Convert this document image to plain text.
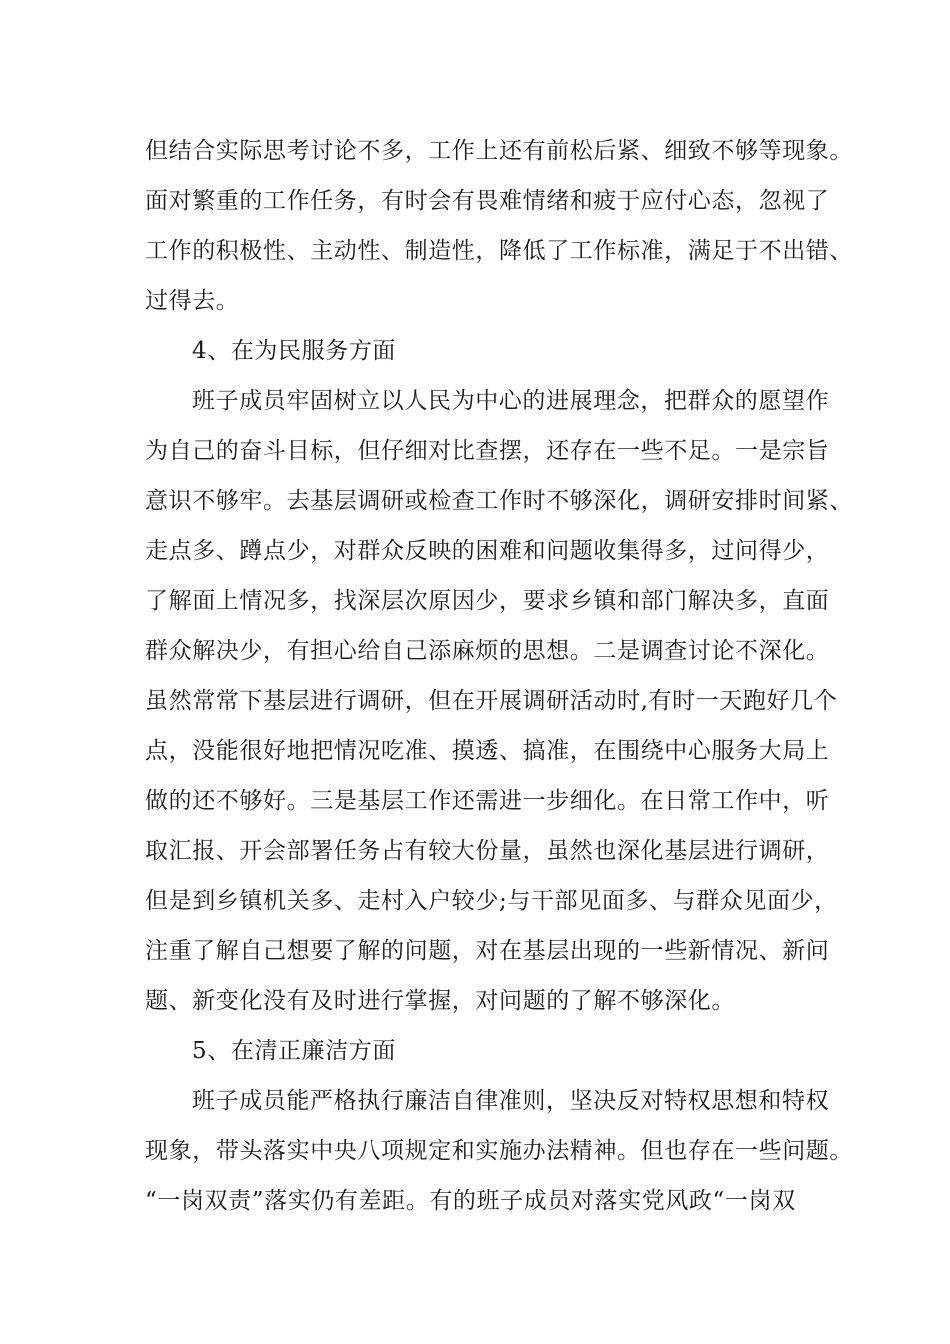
但结合实际思考讨论不多，工作上还有前松后紧、细致不够等现象。
面对繁重的工作任务，有时会有畏难情绪和疲于应付心态，忽视了
工作的积极性、主动性、制造性，降低了工作标准，满足于不出错、
过得去。
4、在为民服务方面
班子成员牢固树立以人民为中心的进展理念，把群众的愿望作
为自己的奋斗目标，但仔细对比查摆，还存在一些不足。一是宗旨
意识不够牢。去基层调研或检查工作时不够深化，调研安排时间紧、
走点多、蹲点少，对群众反映的困难和问题收集得多，过问得少，
了解面上情况多，找深层次原因少，要求乡镇和部门解决多，直面
群众解决少，有担心给自己添麻烦的思想。二是调查讨论不深化。
虽然常常下基层进行调研，但在开展调研活动时,有时一天跑好几个
点，没能很好地把情况吃准、摸透、搞准，在围绕中心服务大局上
做的还不够好。三是基层工作还需进一步细化。在日常工作中，听
取汇报、开会部署任务占有较大份量，虽然也深化基层进行调研，
但是到乡镇机关多、走村入户较少;与干部见面多、与群众见面少，
注重了解自己想要了解的问题，对在基层出现的一些新情况、新问
题、新变化没有及时进行掌握，对问题的了解不够深化。
5、在清正廉洁方面
班子成员能严格执行廉洁自律准则，坚决反对特权思想和特权
现象，带头落实中央八项规定和实施办法精神。但也存在一些问题。
“一岗双责”落实仍有差距。有的班子成员对落实党风政“一岗双
